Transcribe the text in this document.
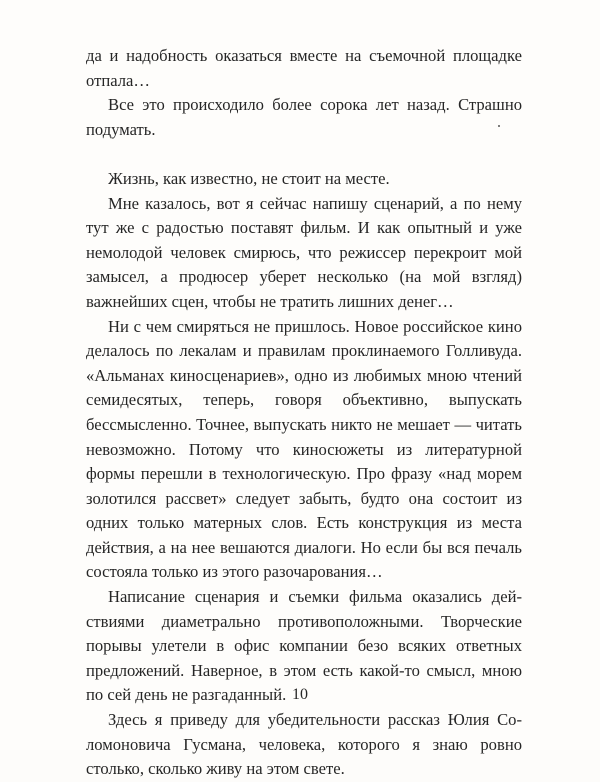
да и надобность оказаться вместе на съемочной площадке отпала…

Все это происходило более сорока лет назад. Страшно подумать.

Жизнь, как известно, не стоит на месте.

Мне казалось, вот я сейчас напишу сценарий, а по нему тут же с радостью поставят фильм. И как опытный и уже немолодой человек смирюсь, что режиссер перекроит мой замысел, а продюсер уберет несколько (на мой взгляд) важнейших сцен, чтобы не тратить лишних денег…

Ни с чем смиряться не пришлось. Новое российское кино делалось по лекалам и правилам проклинаемого Голливуда. «Альманах киносценариев», одно из любимых мною чтений семидесятых, теперь, говоря объективно, выпускать бессмысленно. Точнее, выпускать никто не мешает — читать невозможно. Потому что киносюжеты из литературной формы перешли в технологическую. Про фразу «над морем золотился рассвет» следует забыть, будто она состоит из одних только матерных слов. Есть конструкция из места действия, а на нее вешаются диалоги. Но если бы вся печаль состояла только из этого разочарования…

Написание сценария и съемки фильма оказались действиями диаметрально противоположными. Творческие порывы улетели в офис компании безо всяких ответных предложений. Наверное, в этом есть какой-то смысл, мною по сей день не разгаданный.

Здесь я приведу для убедительности рассказ Юлия Соломоновича Гусмана, человека, которого я знаю ровно столько, сколько живу на этом свете.

10
